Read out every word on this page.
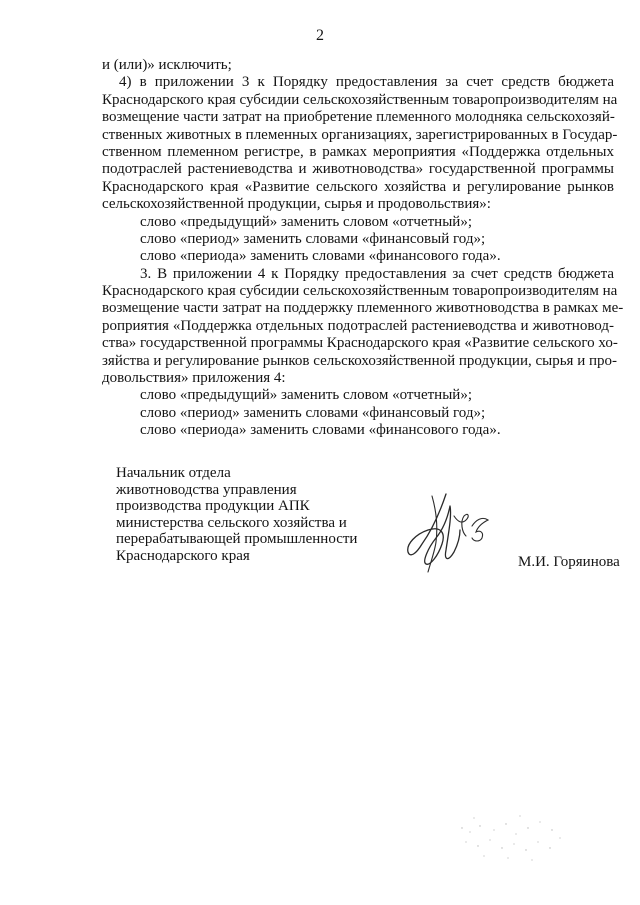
2
и (или)» исключить;
4) в приложении 3 к Порядку предоставления за счет средств бюджета
Краснодарского края субсидии сельскохозяйственным товаропроизводителям на
возмещение части затрат на приобретение племенного молодняка сельскохозяй-
ственных животных в племенных организациях, зарегистрированных в Государ-
ственном племенном регистре, в рамках мероприятия «Поддержка отдельных
подотраслей растениеводства и животноводства» государственной программы
Краснодарского края «Развитие сельского хозяйства и регулирование рынков
сельскохозяйственной продукции, сырья и продовольствия»:
слово «предыдущий» заменить словом «отчетный»;
слово «период» заменить словами «финансовый год»;
слово «периода» заменить словами «финансового года».
3. В приложении 4 к Порядку предоставления за счет средств бюджета
Краснодарского края субсидии сельскохозяйственным товаропроизводителям на
возмещение части затрат на поддержку племенного животноводства в рамках ме-
роприятия «Поддержка отдельных подотраслей растениеводства и животновод-
ства» государственной программы Краснодарского края «Развитие сельского хо-
зяйства и регулирование рынков сельскохозяйственной продукции, сырья и про-
довольствия» приложения 4:
слово «предыдущий» заменить словом «отчетный»;
слово «период» заменить словами «финансовый год»;
слово «периода» заменить словами «финансового года».
Начальник отдела
животноводства управления
производства продукции АПК
министерства сельского хозяйства и
перерабатывающей промышленности
Краснодарского края	М.И. Горяинова
